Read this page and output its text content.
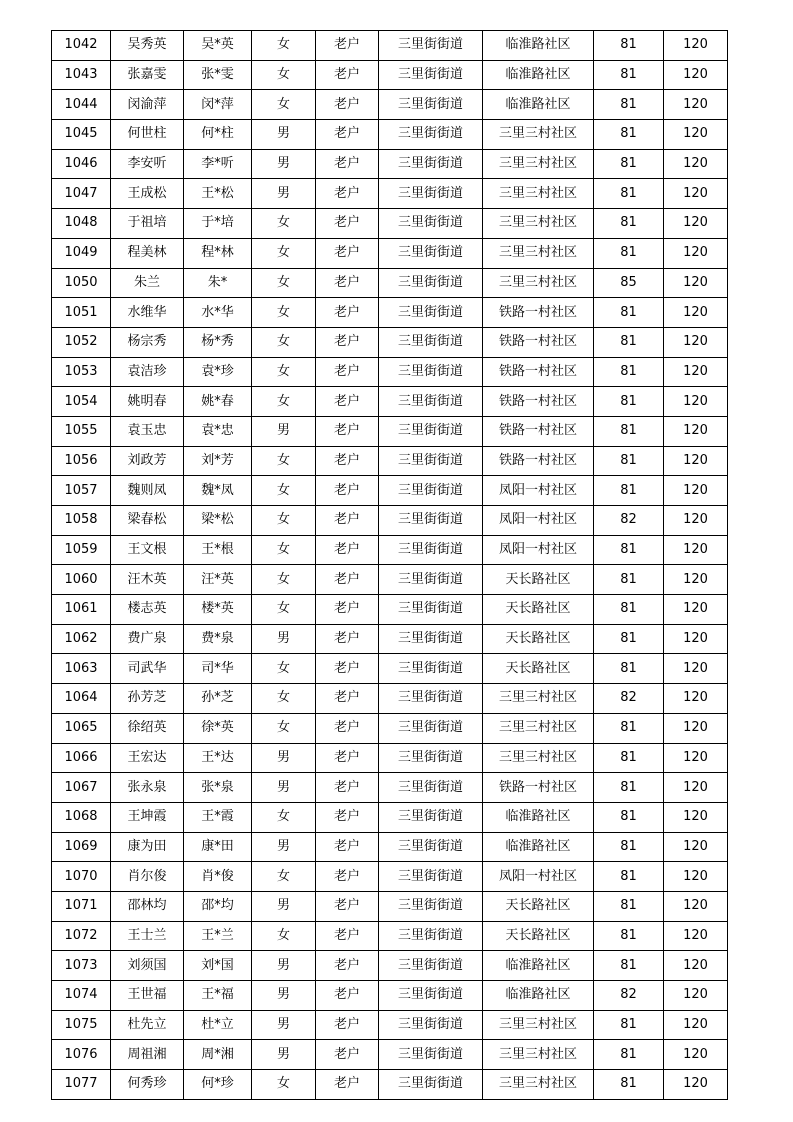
1042	吴秀英	吴*英	女	老户	三里街街道	临淮路社区	81	120
1043	张嘉雯	张*雯	女	老户	三里街街道	临淮路社区	81	120
1044	闵渝萍	闵*萍	女	老户	三里街街道	临淮路社区	81	120
1045	何世柱	何*柱	男	老户	三里街街道	三里三村社区	81	120
1046	李安听	李*听	男	老户	三里街街道	三里三村社区	81	120
1047	王成松	王*松	男	老户	三里街街道	三里三村社区	81	120
1048	于祖培	于*培	女	老户	三里街街道	三里三村社区	81	120
1049	程美林	程*林	女	老户	三里街街道	三里三村社区	81	120
1050	朱兰	朱*	女	老户	三里街街道	三里三村社区	85	120
1051	水维华	水*华	女	老户	三里街街道	铁路一村社区	81	120
1052	杨宗秀	杨*秀	女	老户	三里街街道	铁路一村社区	81	120
1053	袁洁珍	袁*珍	女	老户	三里街街道	铁路一村社区	81	120
1054	姚明春	姚*春	女	老户	三里街街道	铁路一村社区	81	120
1055	袁玉忠	袁*忠	男	老户	三里街街道	铁路一村社区	81	120
1056	刘政芳	刘*芳	女	老户	三里街街道	铁路一村社区	81	120
1057	魏则凤	魏*凤	女	老户	三里街街道	凤阳一村社区	81	120
1058	梁春松	梁*松	女	老户	三里街街道	凤阳一村社区	82	120
1059	王文根	王*根	女	老户	三里街街道	凤阳一村社区	81	120
1060	汪木英	汪*英	女	老户	三里街街道	天长路社区	81	120
1061	楼志英	楼*英	女	老户	三里街街道	天长路社区	81	120
1062	费广泉	费*泉	男	老户	三里街街道	天长路社区	81	120
1063	司武华	司*华	女	老户	三里街街道	天长路社区	81	120
1064	孙芳芝	孙*芝	女	老户	三里街街道	三里三村社区	82	120
1065	徐绍英	徐*英	女	老户	三里街街道	三里三村社区	81	120
1066	王宏达	王*达	男	老户	三里街街道	三里三村社区	81	120
1067	张永泉	张*泉	男	老户	三里街街道	铁路一村社区	81	120
1068	王坤霞	王*霞	女	老户	三里街街道	临淮路社区	81	120
1069	康为田	康*田	男	老户	三里街街道	临淮路社区	81	120
1070	肖尔俊	肖*俊	女	老户	三里街街道	凤阳一村社区	81	120
1071	邵林均	邵*均	男	老户	三里街街道	天长路社区	81	120
1072	王士兰	王*兰	女	老户	三里街街道	天长路社区	81	120
1073	刘须国	刘*国	男	老户	三里街街道	临淮路社区	81	120
1074	王世福	王*福	男	老户	三里街街道	临淮路社区	82	120
1075	杜先立	杜*立	男	老户	三里街街道	三里三村社区	81	120
1076	周祖湘	周*湘	男	老户	三里街街道	三里三村社区	81	120
1077	何秀珍	何*珍	女	老户	三里街街道	三里三村社区	81	120
